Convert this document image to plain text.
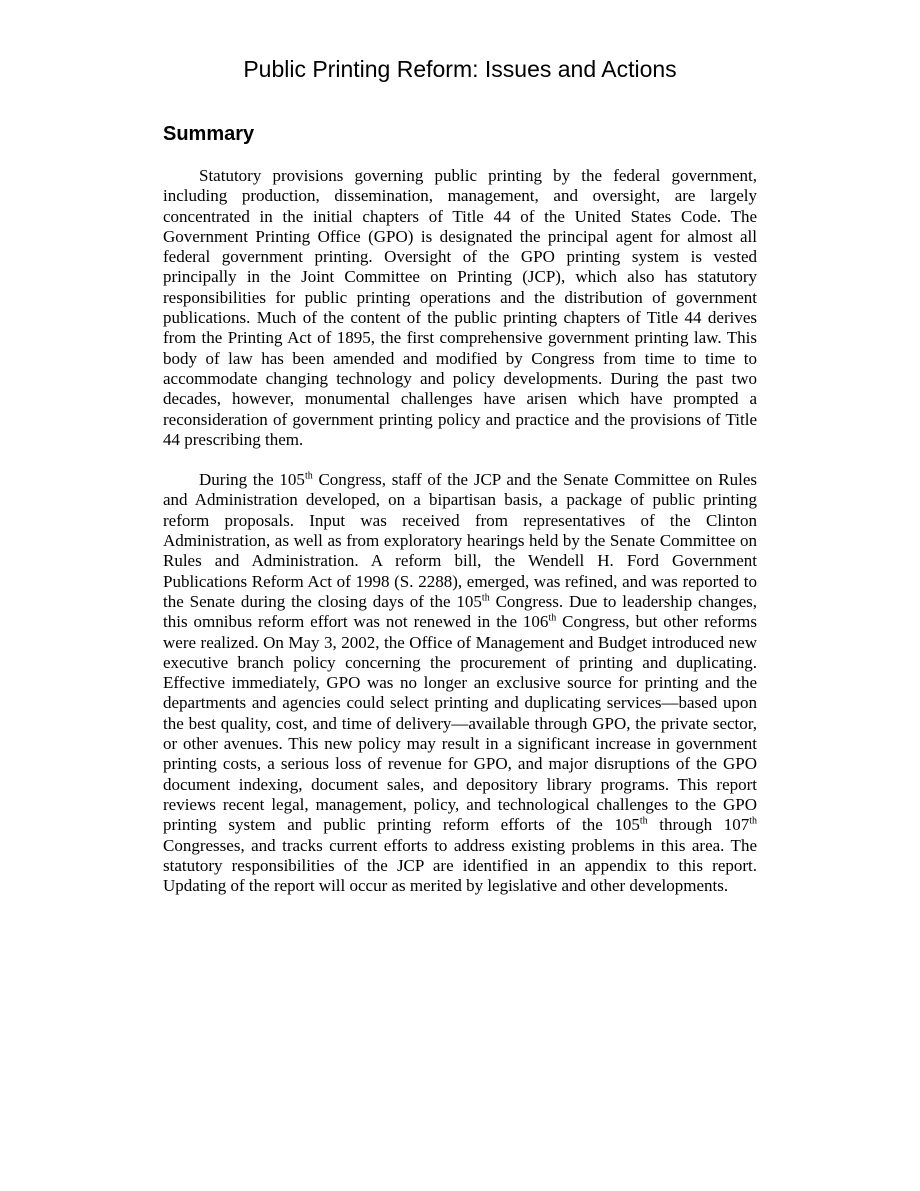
Public Printing Reform: Issues and Actions
Summary

Statutory provisions governing public printing by the federal government, including production, dissemination, management, and oversight, are largely concentrated in the initial chapters of Title 44 of the United States Code. The Government Printing Office (GPO) is designated the principal agent for almost all federal government printing. Oversight of the GPO printing system is vested principally in the Joint Committee on Printing (JCP), which also has statutory responsibilities for public printing operations and the distribution of government publications. Much of the content of the public printing chapters of Title 44 derives from the Printing Act of 1895, the first comprehensive government printing law. This body of law has been amended and modified by Congress from time to time to accommodate changing technology and policy developments. During the past two decades, however, monumental challenges have arisen which have prompted a reconsideration of government printing policy and practice and the provisions of Title 44 prescribing them.

During the 105th Congress, staff of the JCP and the Senate Committee on Rules and Administration developed, on a bipartisan basis, a package of public printing reform proposals. Input was received from representatives of the Clinton Administration, as well as from exploratory hearings held by the Senate Committee on Rules and Administration. A reform bill, the Wendell H. Ford Government Publications Reform Act of 1998 (S. 2288), emerged, was refined, and was reported to the Senate during the closing days of the 105th Congress. Due to leadership changes, this omnibus reform effort was not renewed in the 106th Congress, but other reforms were realized. On May 3, 2002, the Office of Management and Budget introduced new executive branch policy concerning the procurement of printing and duplicating. Effective immediately, GPO was no longer an exclusive source for printing and the departments and agencies could select printing and duplicating services—based upon the best quality, cost, and time of delivery—available through GPO, the private sector, or other avenues. This new policy may result in a significant increase in government printing costs, a serious loss of revenue for GPO, and major disruptions of the GPO document indexing, document sales, and depository library programs. This report reviews recent legal, management, policy, and technological challenges to the GPO printing system and public printing reform efforts of the 105th through 107th Congresses, and tracks current efforts to address existing problems in this area. The statutory responsibilities of the JCP are identified in an appendix to this report. Updating of the report will occur as merited by legislative and other developments.
